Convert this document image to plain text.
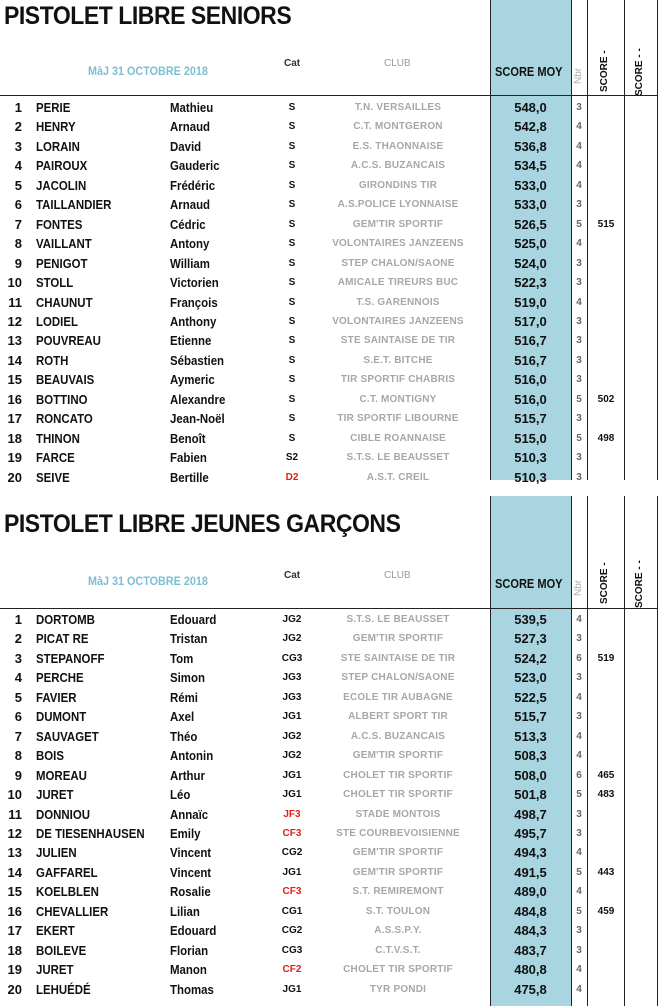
PISTOLET LIBRE SENIORS
MàJ 31 OCTOBRE 2018
Cat	CLUB
SCORE MOY Nbr SCORE - SCORE - -
1 PERIE	Mathieu	S	T.N. VERSAILLES	548,0	3
2 HENRY	Arnaud	S	C.T. MONTGERON	542,8	4
3 LORAIN	David	S	E.S. THAONNAISE	536,8	4
4 PAIROUX	Gauderic	S	A.C.S. BUZANCAIS	534,5	4
5 JACOLIN	Frédéric	S	GIRONDINS TIR	533,0	4
6 TAILLANDIER	Arnaud	S	A.S.POLICE LYONNAISE	533,0	3
7 FONTES	Cédric	S	GEM'TIR SPORTIF	526,5	5	515
8 VAILLANT	Antony	S	VOLONTAIRES JANZEENS	525,0	4
9 PENIGOT	William	S	STEP CHALON/SAONE	524,0	3
10 STOLL	Victorien	S	AMICALE TIREURS BUC	522,3	3
11 CHAUNUT	François	S	T.S. GARENNOIS	519,0	4
12 LODIEL	Anthony	S	VOLONTAIRES JANZEENS	517,0	3
13 POUVREAU	Etienne	S	STE SAINTAISE DE TIR	516,7	3
14 ROTH	Sébastien	S	S.E.T. BITCHE	516,7	3
15 BEAUVAIS	Aymeric	S	TIR SPORTIF CHABRIS	516,0	3
16 BOTTINO	Alexandre	S	C.T. MONTIGNY	516,0	5	502
17 RONCATO	Jean-Noël	S	TIR SPORTIF LIBOURNE	515,7	3
18 THINON	Benoît	S	CIBLE ROANNAISE	515,0	5	498
19 FARCE	Fabien	S2	S.T.S. LE BEAUSSET	510,3	3
20 SEIVE	Bertille	D2	A.S.T. CREIL	510,3	3
PISTOLET LIBRE JEUNES GARÇONS
MàJ 31 OCTOBRE 2018	Cat	CLUB
SCORE MOY Nbr SCORE - SCORE - -
1 DORTOMB	Edouard	JG2	S.T.S. LE BEAUSSET	539,5	4
2 PICAT RE	Tristan	JG2	GEM'TIR SPORTIF	527,3	3
3 STEPANOFF	Tom	CG3	STE SAINTAISE DE TIR	524,2	6	519
4 PERCHE	Simon	JG3	STEP CHALON/SAONE	523,0	3
5 FAVIER	Rémi	JG3	ECOLE TIR AUBAGNE	522,5	4
6 DUMONT	Axel	JG1	ALBERT SPORT TIR	515,7	3
7 SAUVAGET	Théo	JG2	A.C.S. BUZANCAIS	513,3	4
8 BOIS	Antonin	JG2	GEM'TIR SPORTIF	508,3	4
9 MOREAU	Arthur	JG1	CHOLET TIR SPORTIF	508,0	6	465
10 JURET	Léo	JG1	CHOLET TIR SPORTIF	501,8	5	483
11 DONNIOU	Annaïc	JF3	STADE MONTOIS	498,7	3
12 DE TIESENHAUSEN Emily	CF3	STE COURBEVOISIENNE	495,7	3
13 JULIEN	Vincent	CG2	GEM'TIR SPORTIF	494,3	4
14 GAFFAREL	Vincent	JG1	GEM'TIR SPORTIF	491,5	5	443
15 KOELBLEN	Rosalie	CF3	S.T. REMIREMONT	489,0	4
16 CHEVALLIER	Lilian	CG1	S.T. TOULON	484,8	5	459
17 EKERT	Edouard	CG2	A.S.S.P.Y.	484,3	3
18 BOILEVE	Florian	CG3	C.T.V.S.T.	483,7	3
19 JURET	Manon	CF2	CHOLET TIR SPORTIF	480,8	4
20 LEHUÉDÉ	Thomas	JG1	TYR PONDI	475,8	4
